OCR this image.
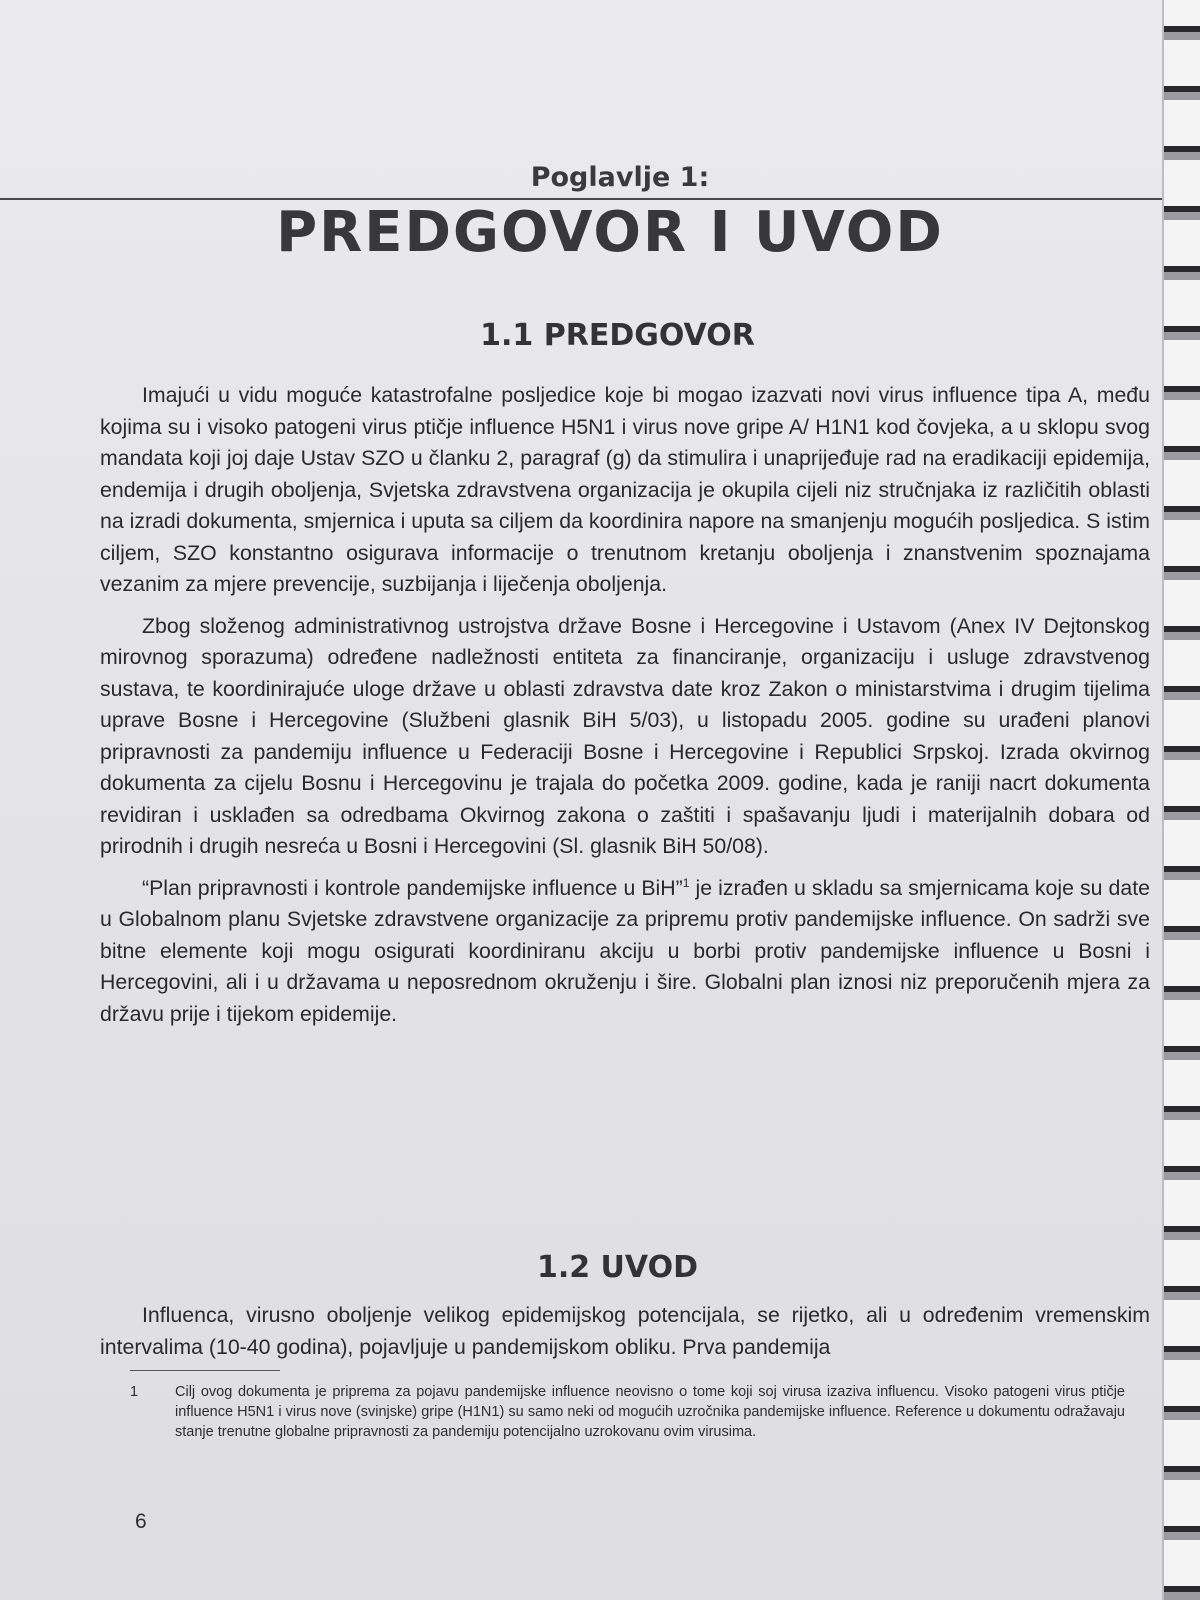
Poglavlje 1:
PREDGOVOR I UVOD
1.1 PREDGOVOR

Imajući u vidu moguće katastrofalne posljedice koje bi mogao izazvati novi virus influence tipa A, među kojima su i visoko patogeni virus ptičje influence H5N1 i virus nove gripe A/ H1N1 kod čovjeka, a u sklopu svog mandata koji joj daje Ustav SZO u članku 2, paragraf (g) da stimulira i unaprijeđuje rad na eradikaciji epidemija, endemija i drugih oboljenja, Svjetska zdravstvena organizacija je okupila cijeli niz stručnjaka iz različitih oblasti na izradi dokumenta, smjernica i uputa sa ciljem da koordinira napore na smanjenju mogućih posljedica. S istim ciljem, SZO konstantno osigurava informacije o trenutnom kretanju oboljenja i znanstvenim spoznajama vezanim za mjere prevencije, suzbijanja i liječenja oboljenja.

Zbog složenog administrativnog ustrojstva države Bosne i Hercegovine i Ustavom (Anex IV Dejtonskog mirovnog sporazuma) određene nadležnosti entiteta za financiranje, organizaciju i usluge zdravstvenog sustava, te koordinirajuće uloge države u oblasti zdravstva date kroz Zakon o ministarstvima i drugim tijelima uprave Bosne i Hercegovine (Službeni glasnik BiH 5/03), u listopadu 2005. godine su urađeni planovi pripravnosti za pandemiju influence u Federaciji Bosne i Hercegovine i Republici Srpskoj. Izrada okvirnog dokumenta za cijelu Bosnu i Hercegovinu je trajala do početka 2009. godine, kada je raniji nacrt dokumenta revidiran i usklađen sa odredbama Okvirnog zakona o zaštiti i spašavanju ljudi i materijalnih dobara od prirodnih i drugih nesreća u Bosni i Hercegovini (Sl. glasnik BiH 50/08).

“Plan pripravnosti i kontrole pandemijske influence u BiH”$^1$ je izrađen u skladu sa smjernicama koje su date u Globalnom planu Svjetske zdravstvene organizacije za pripremu protiv pandemijske influence. On sadrži sve bitne elemente koji mogu osigurati koordiniranu akciju u borbi protiv pandemijske influence u Bosni i Hercegovini, ali i u državama u neposrednom okruženju i šire. Globalni plan iznosi niz preporučenih mjera za državu prije i tijekom epidemije.

1.2 UVOD

Influenca, virusno oboljenje velikog epidemijskog potencijala, se rijetko, ali u određenim vremenskim intervalima (10-40 godina), pojavljuje u pandemijskom obliku. Prva pandemija

1	Cilj ovog dokumenta je priprema za pojavu pandemijske influence neovisno o tome koji soj virusa izaziva influencu. Visoko patogeni virus ptičje influence H5N1 i virus nove (svinjske) gripe (H1N1) su samo neki od mogućih uzročnika pandemijske influence. Reference u dokumentu odražavaju stanje trenutne globalne pripravnosti za pandemiju potencijalno uzrokovanu ovim virusima.
6
